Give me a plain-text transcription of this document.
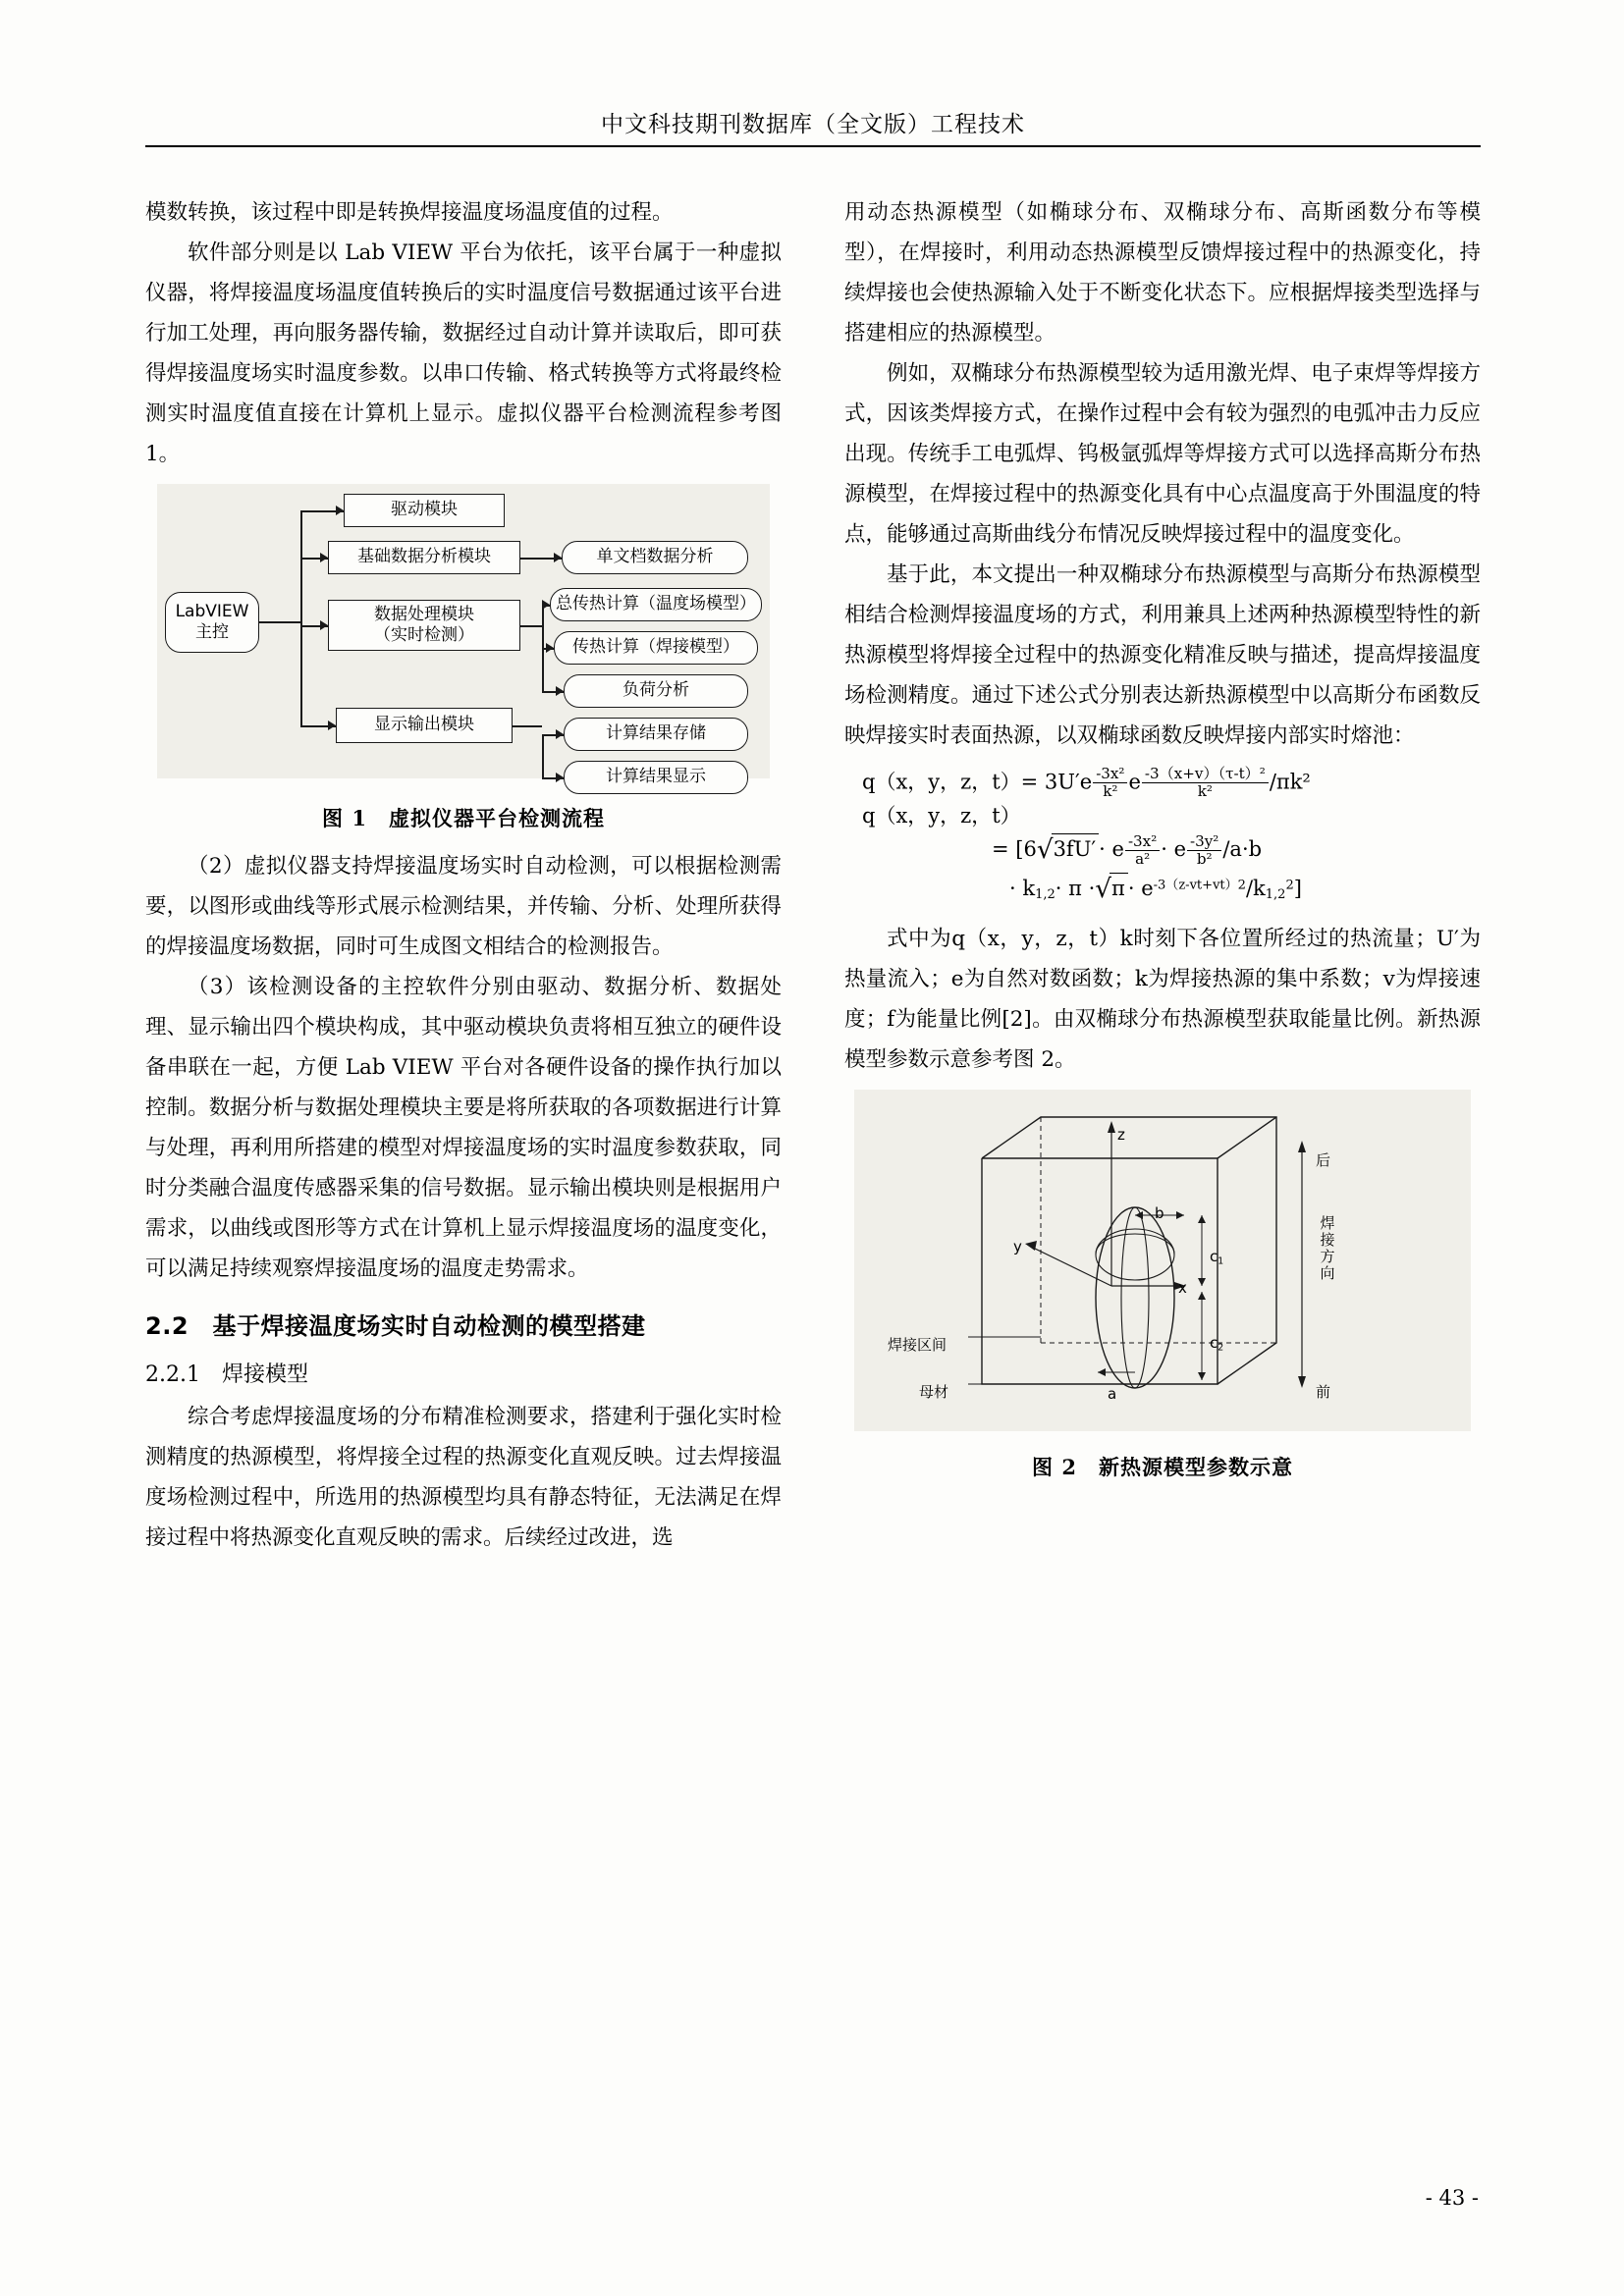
中文科技期刊数据库（全文版）工程技术

模数转换，该过程中即是转换焊接温度场温度值的过程。

软件部分则是以 Lab VIEW 平台为依托，该平台属于一种虚拟仪器，将焊接温度场温度值转换后的实时温度信号数据通过该平台进行加工处理，再向服务器传输，数据经过自动计算并读取后，即可获得焊接温度场实时温度参数。以串口传输、格式转换等方式将最终检测实时温度值直接在计算机上显示。虚拟仪器平台检测流程参考图 1。

LabVIEW
主控
驱动模块
基础数据分析模块
数据处理模块
（实时检测）
显示输出模块
单文档数据分析
总传热计算（温度场模型）
传热计算（焊接模型）
负荷分析
计算结果存储
计算结果显示
图 1　虚拟仪器平台检测流程

（2）虚拟仪器支持焊接温度场实时自动检测，可以根据检测需要，以图形或曲线等形式展示检测结果，并传输、分析、处理所获得的焊接温度场数据，同时可生成图文相结合的检测报告。

（3）该检测设备的主控软件分别由驱动、数据分析、数据处理、显示输出四个模块构成，其中驱动模块负责将相互独立的硬件设备串联在一起，方便 Lab VIEW 平台对各硬件设备的操作执行加以控制。数据分析与数据处理模块主要是将所获取的各项数据进行计算与处理，再利用所搭建的模型对焊接温度场的实时温度参数获取，同时分类融合温度传感器采集的信号数据。显示输出模块则是根据用户需求，以曲线或图形等方式在计算机上显示焊接温度场的温度变化，可以满足持续观察焊接温度场的温度走势需求。

2.2　基于焊接温度场实时自动检测的模型搭建
2.2.1　焊接模型

综合考虑焊接温度场的分布精准检测要求，搭建利于强化实时检测精度的热源模型，将焊接全过程的热源变化直观反映。过去焊接温度场检测过程中，所选用的热源模型均具有静态特征，无法满足在焊接过程中将热源变化直观反映的需求。后续经过改进，选

用动态热源模型（如椭球分布、双椭球分布、高斯函数分布等模型），在焊接时，利用动态热源模型反馈焊接过程中的热源变化，持续焊接也会使热源输入处于不断变化状态下。应根据焊接类型选择与搭建相应的热源模型。

例如，双椭球分布热源模型较为适用激光焊、电子束焊等焊接方式，因该类焊接方式，在操作过程中会有较为强烈的电弧冲击力反应出现。传统手工电弧焊、钨极氩弧焊等焊接方式可以选择高斯分布热源模型，在焊接过程中的热源变化具有中心点温度高于外围温度的特点，能够通过高斯曲线分布情况反映焊接过程中的温度变化。

基于此，本文提出一种双椭球分布热源模型与高斯分布热源模型相结合检测焊接温度场的方式，利用兼具上述两种热源模型特性的新热源模型将焊接全过程中的热源变化精准反映与描述，提高焊接温度场检测精度。通过下述公式分别表达新热源模型中以高斯分布函数反映焊接实时表面热源，以双椭球函数反映焊接内部实时熔池：

q（x，y，z，$t)= 3U'e \frac{\text{-3x²}}{\text{k²}}$ e $\frac{\text{-3（x+v）（τ-t）²}}{\text{k²}} /\pi k^2$
q（x，y，z，t）
= [6√3fU′ · e $\frac{\text{-3x²}}{\text{a²}} \cdot e \frac{\text{-3y²}}{\text{b²}} /a\cdot b$
· $k_{1,2}\cdot \pi \cdot√\pi \cdot e^{-3(z-vt+vt)2}/k_{1,2}^2$]

式中为q（x，y，z，t）k时刻下各位置所经过的热流量；U′为热量流入；e为自然对数函数；k为焊接热源的集中系数；v为焊接速度；f为能量比例[2]。由双椭球分布热源模型获取能量比例。新热源模型参数示意参考图 2。

z
y
x
b
$c_1$
$c_2$
a
后
前
焊
接
方
向
焊接区间
母材
图 2　新热源模型参数示意
- 43 -
